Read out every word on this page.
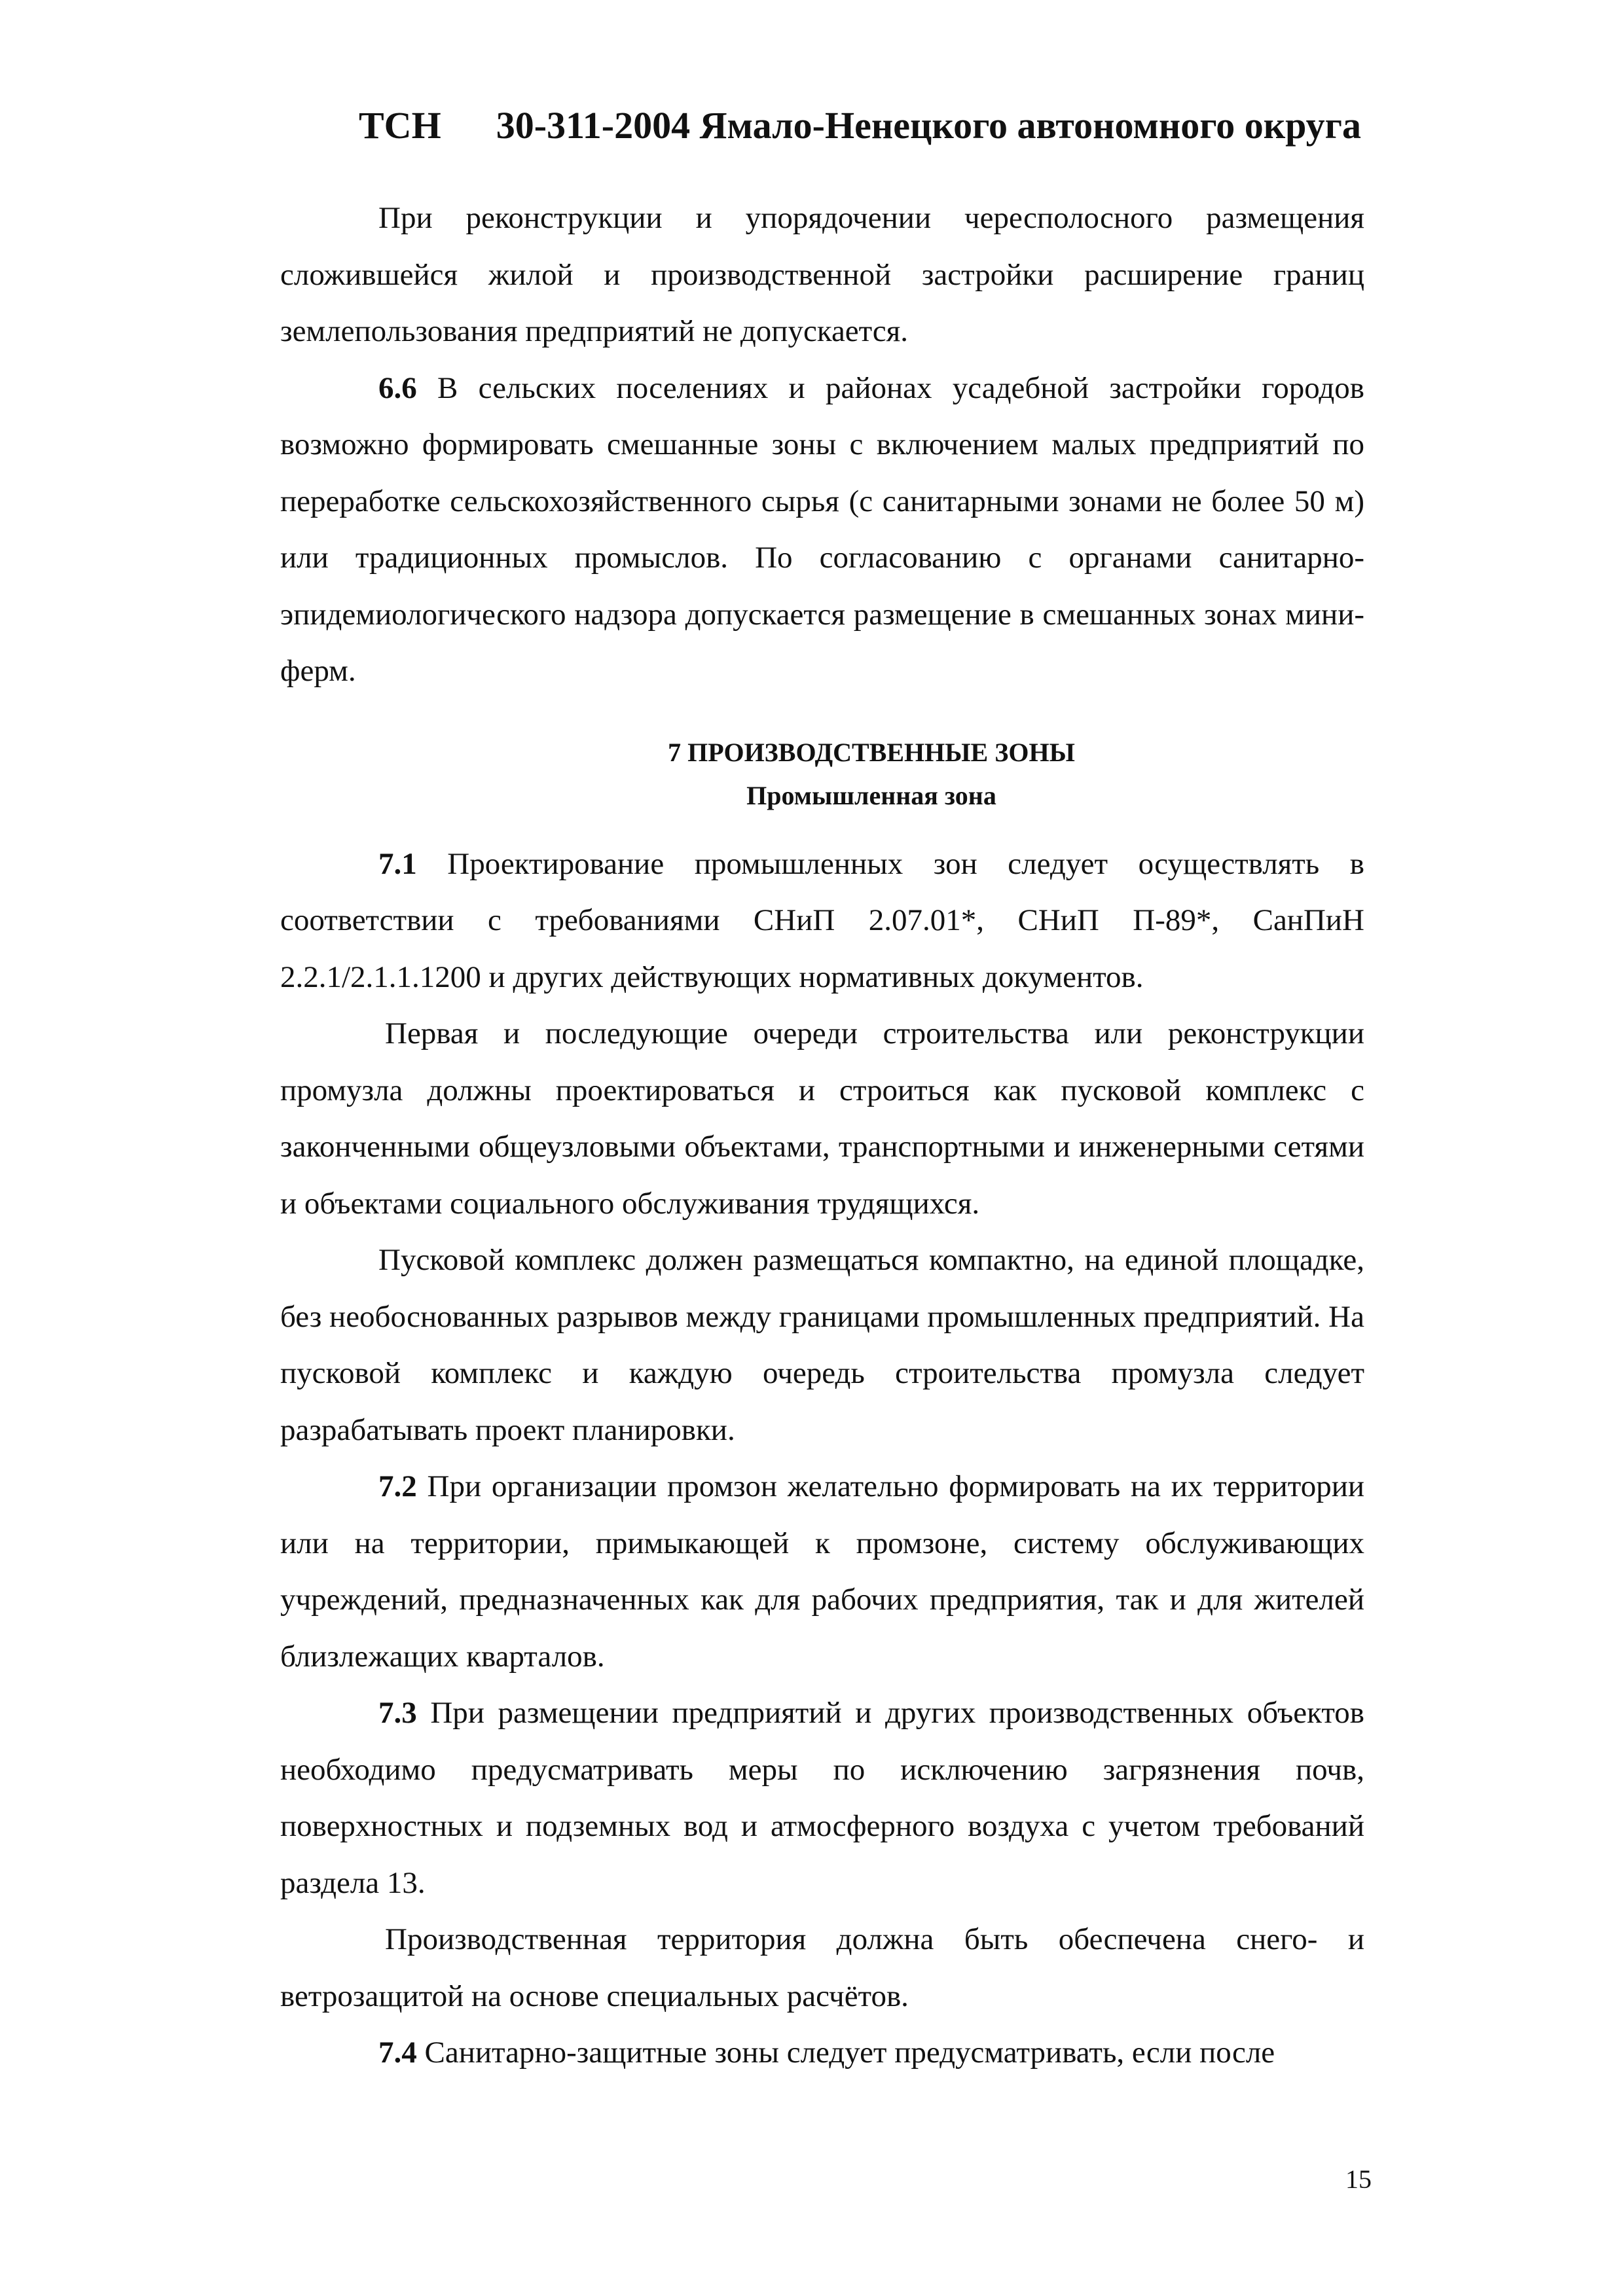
ТСН 30-311-2004 Ямало-Ненецкого автономного округа

При реконструкции и упорядочении чересполосного размещения сложившейся жилой и производственной застройки расширение границ землепользования предприятий не допускается.

6.6 В сельских поселениях и районах усадебной застройки городов возможно формировать смешанные зоны с включением малых предприятий по переработке сельскохозяйственного сырья (с санитарными зонами не более 50 м) или традиционных промыслов. По согласованию с органами санитарно-эпидемиологического надзора допускается размещение в смешанных зонах мини-ферм.

7 ПРОИЗВОДСТВЕННЫЕ ЗОНЫ

Промышленная зона

7.1 Проектирование промышленных зон следует осуществлять в соответствии с требованиями СНиП 2.07.01*, СНиП П-89*, СанПиН 2.2.1/2.1.1.1200 и других действующих нормативных документов.

Первая и последующие очереди строительства или реконструкции промузла должны проектироваться и строиться как пусковой комплекс с законченными общеузловыми объектами, транспортными и инженерными сетями и объектами социального обслуживания трудящихся.

Пусковой комплекс должен размещаться компактно, на единой площадке, без необоснованных разрывов между границами промышленных предприятий. На пусковой комплекс и каждую очередь строительства промузла следует разрабатывать проект планировки.

7.2 При организации промзон желательно формировать на их территории или на территории, примыкающей к промзоне, систему обслуживающих учреждений, предназначенных как для рабочих предприятия, так и для жителей близлежащих кварталов.

7.3 При размещении предприятий и других производственных объектов необходимо предусматривать меры по исключению загрязнения почв, поверхностных и подземных вод и атмосферного воздуха с учетом требований раздела 13.

Производственная территория должна быть обеспечена снего- и ветрозащитой на основе специальных расчётов.

7.4 Санитарно-защитные зоны следует предусматривать, если после

15
